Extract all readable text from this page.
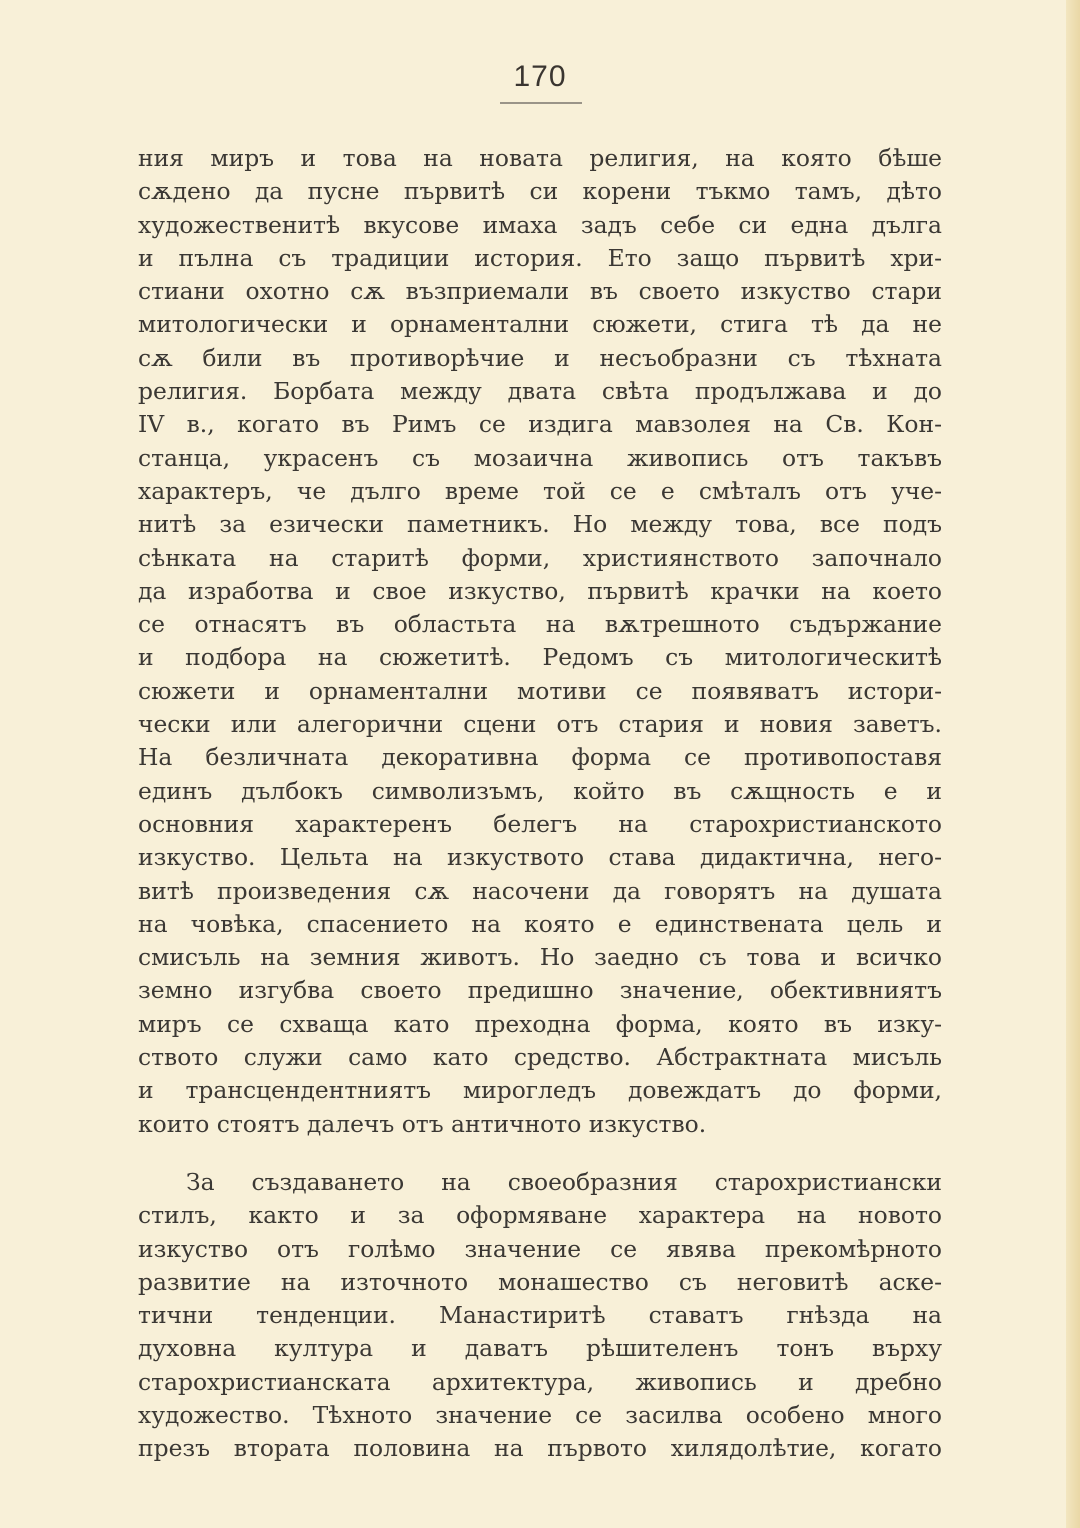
170
ния миръ и това на новата религия, на която бѣше
сѫдено да пусне първитѣ си корени тъкмо тамъ, дѣто
художественитѣ вкусове имаха задъ себе си една дълга
и пълна съ традиции история. Ето защо първитѣ хри-
стиани охотно сѫ възприемали въ своето изкуство стари
митологически и орнаментални сюжети, стига тѣ да не
сѫ били въ противорѣчие и несъобразни съ тѣхната
религия. Борбата между двата свѣта продължава и до
IV в., когато въ Римъ се издига мавзолея на Св. Кон-
станца, украсенъ съ мозаична живопись отъ такъвъ
характеръ, че дълго време той се е смѣталъ отъ уче-
нитѣ за езически паметникъ. Но между това, все подъ
сѣнката на старитѣ форми, християнството започнало
да изработва и свое изкуство, първитѣ крачки на което
се отнасятъ въ областьта на вѫтрешното съдържание
и подбора на сюжетитѣ. Редомъ съ митологическитѣ
сюжети и орнаментални мотиви се появяватъ истори-
чески или алегорични сцени отъ стария и новия заветъ.
На безличната декоративна форма се противопоставя
единъ дълбокъ символизъмъ, който въ сѫщность е и
основния характеренъ белегъ на старохристианското
изкуство. Цельта на изкуството става дидактична, него-
витѣ произведения сѫ насочени да говорятъ на душата
на човѣка, спасението на която е единствената цель и
смисъль на земния животъ. Но заедно съ това и всичко
земно изгубва своето предишно значение, обективниятъ
миръ се схваща като преходна форма, която въ изку-
ството служи само като средство. Абстрактната мисъль
и трансцендентниятъ мирогледъ довеждатъ до форми,
които стоятъ далечъ отъ античното изкуство.
За създаването на своеобразния старохристиански
стилъ, както и за оформяване характера на новото
изкуство отъ голѣмо значение се явява прекомѣрното
развитие на източното монашество съ неговитѣ аске-
тични тенденции. Манастиритѣ ставатъ гнѣзда на
духовна култура и даватъ рѣшителенъ тонъ върху
старохристианската архитектура, живопись и дребно
художество. Тѣхното значение се засилва особено много
презъ втората половина на първото хилядолѣтие, когато
